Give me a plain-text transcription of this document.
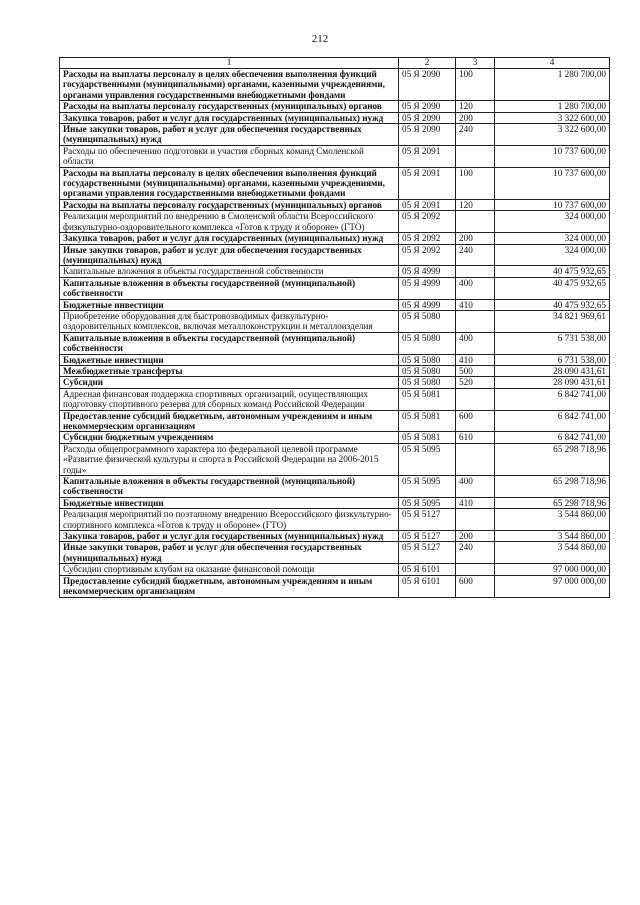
212
1	2	3	4
Расходы на выплаты персоналу в целях обеспечения выполнения функций государственными (муниципальными) органами, казенными учреждениями, органами управления государственными внебюджетными фондами	05 Я 2090	100	1 280 700,00
Расходы на выплаты персоналу государственных (муниципальных) органов	05 Я 2090	120	1 280 700,00
Закупка товаров, работ и услуг для государственных (муниципальных) нужд	05 Я 2090	200	3 322 600,00
Иные закупки товаров, работ и услуг для обеспечения государственных (муниципальных) нужд	05 Я 2090	240	3 322 600,00
Расходы по обеспечению подготовки и участия сборных команд Смоленской области	05 Я 2091		10 737 600,00
Расходы на выплаты персоналу в целях обеспечения выполнения функций государственными (муниципальными) органами, казенными учреждениями, органами управления государственными внебюджетными фондами	05 Я 2091	100	10 737 600,00
Расходы на выплаты персоналу государственных (муниципальных) органов	05 Я 2091	120	10 737 600,00
Реализация мероприятий по внедрению в Смоленской области Всероссийского физкультурно-оздоровительного комплекса «Готов к труду и обороне» (ГТО)	05 Я 2092		324 000,00
Закупка товаров, работ и услуг для государственных (муниципальных) нужд	05 Я 2092	200	324 000,00
Иные закупки товаров, работ и услуг для обеспечения государственных (муниципальных) нужд	05 Я 2092	240	324 000,00
Капитальные вложения в объекты государственной собственности	05 Я 4999		40 475 932,65
Капитальные вложения в объекты государственной (муниципальной) собственности	05 Я 4999	400	40 475 932,65
Бюджетные инвестиции	05 Я 4999	410	40 475 932,65
Приобретение оборудования для быстровозводимых физкультурно-оздоровительных комплексов, включая металлоконструкции и металлоизделия	05 Я 5080		34 821 969,61
Капитальные вложения в объекты государственной (муниципальной) собственности	05 Я 5080	400	6 731 538,00
Бюджетные инвестиции	05 Я 5080	410	6 731 538,00
Межбюджетные трансферты	05 Я 5080	500	28 090 431,61
Субсидии	05 Я 5080	520	28 090 431,61
Адресная финансовая поддержка спортивных организаций, осуществляющих подготовку спортивного резерва для сборных команд Российской Федерации	05 Я 5081		6 842 741,00
Предоставление субсидий бюджетным, автономным учреждениям и иным некоммерческим организациям	05 Я 5081	600	6 842 741,00
Субсидии бюджетным учреждениям	05 Я 5081	610	6 842 741,00
Расходы общепрограммного характера по федеральной целевой программе «Развитие физической культуры и спорта в Российской Федерации на 2006-2015 годы»	05 Я 5095		65 298 718,96
Капитальные вложения в объекты государственной (муниципальной) собственности	05 Я 5095	400	65 298 718,96
Бюджетные инвестиции	05 Я 5095	410	65 298 718,96
Реализация мероприятий по поэтапному внедрению Всероссийского физкультурно-спортивного комплекса «Готов к труду и обороне» (ГТО)	05 Я 5127		3 544 860,00
Закупка товаров, работ и услуг для государственных (муниципальных) нужд	05 Я 5127	200	3 544 860,00
Иные закупки товаров, работ и услуг для обеспечения государственных (муниципальных) нужд	05 Я 5127	240	3 544 860,00
Субсидии спортивным клубам на оказание финансовой помощи	05 Я 6101		97 000 000,00
Предоставление субсидий бюджетным, автономным учреждениям и иным некоммерческим организациям	05 Я 6101	600	97 000 000,00
